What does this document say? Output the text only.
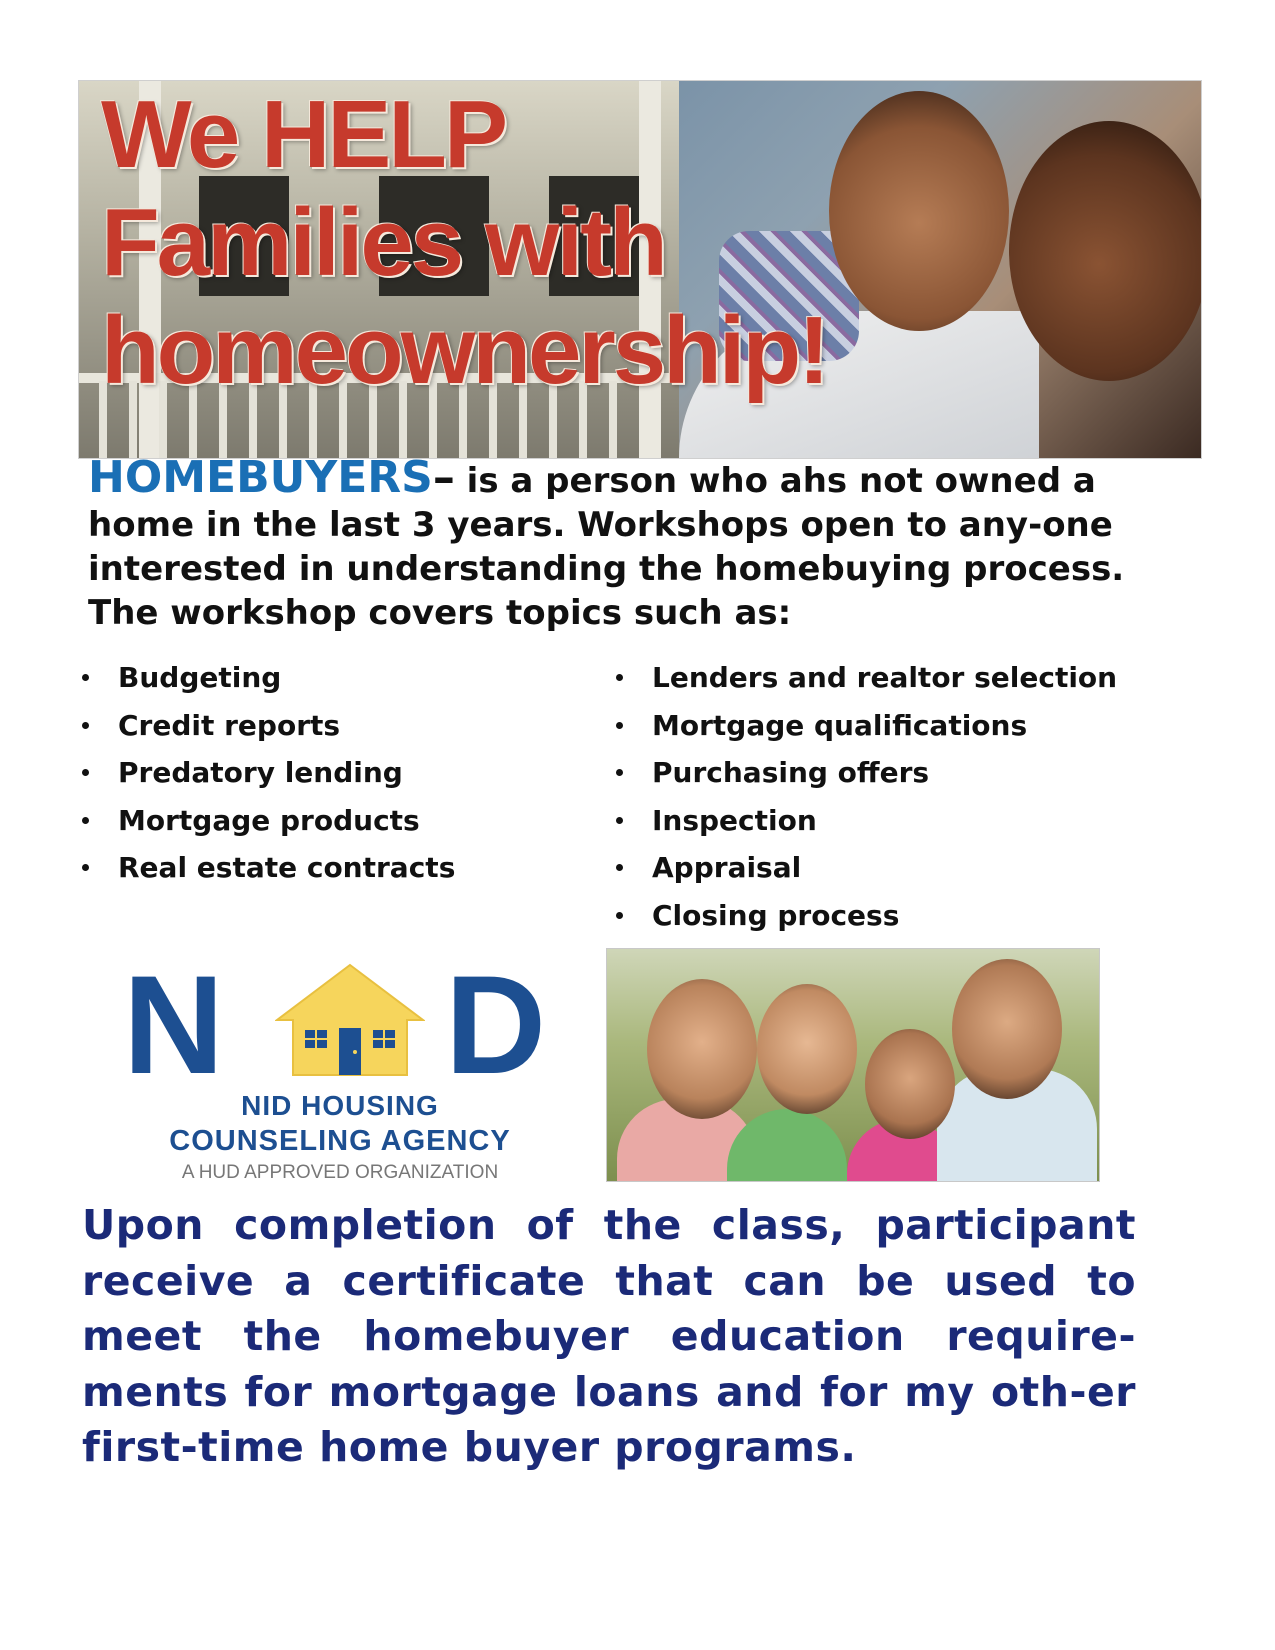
We HELP
Families with
homeownership!

HOMEBUYERS– is a person who ahs not owned a home in the last 3 years. Workshops open to any-one interested in understanding the homebuying process. The workshop covers topics such as:

Budgeting
Credit reports
Predatory lending
Mortgage products
Real estate contracts
Lenders and realtor selection
Mortgage qualifications
Purchasing offers
Inspection
Appraisal
Closing process
N D
NID HOUSING
COUNSELING AGENCY
A HUD APPROVED ORGANIZATION

Upon completion of the class, participant receive a certificate that can be used to meet the homebuyer education require-ments for mortgage loans and for my oth-er first-time home buyer programs.
